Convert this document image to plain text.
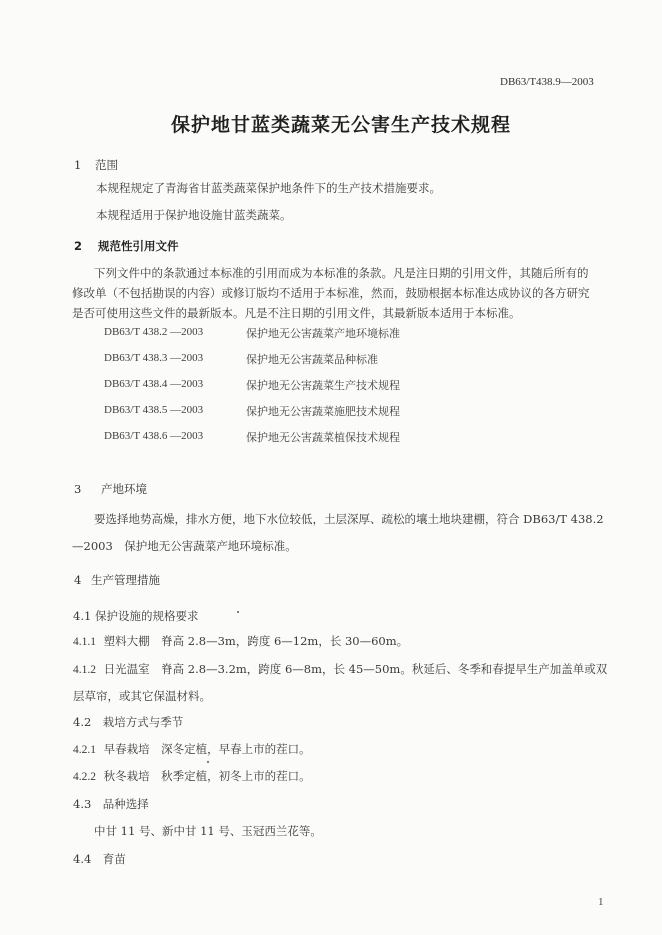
DB63/T438.9—2003
保护地甘蓝类蔬菜无公害生产技术规程
1 范围
本规程规定了青海省甘蓝类蔬菜保护地条件下的生产技术措施要求。
本规程适用于保护地设施甘蓝类蔬菜。
2 规范性引用文件
下列文件中的条款通过本标准的引用而成为本标准的条款。凡是注日期的引用文件，其随后所有的
修改单（不包括勘误的内容）或修订版均不适用于本标准，然而，鼓励根据本标准达成协议的各方研究
是否可使用这些文件的最新版本。凡是不注日期的引用文件，其最新版本适用于本标准。
DB63/T 438.2 —2003	保护地无公害蔬菜产地环境标准
DB63/T 438.3 —2003	保护地无公害蔬菜品种标准
DB63/T 438.4 —2003	保护地无公害蔬菜生产技术规程
DB63/T 438.5 —2003	保护地无公害蔬菜施肥技术规程
DB63/T 438.6 —2003	保护地无公害蔬菜植保技术规程
3 产地环境
要选择地势高燥，排水方便，地下水位较低，土层深厚、疏松的壤土地块建棚，符合 DB63/T 438.2
—2003　保护地无公害蔬菜产地环境标准。
4 生产管理措施
4.1 保护设施的规格要求
4.1.1 塑料大棚　脊高 2.8—3m，跨度 6—12m，长 30—60m。
4.1.2 日光温室　脊高 2.8—3.2m，跨度 6—8m，长 45—50m。秋延后、冬季和春提早生产加盖单或双
层草帘，或其它保温材料。
4.2　栽培方式与季节
4.2.1 早春栽培　深冬定植，早春上市的茬口。
4.2.2 秋冬栽培　秋季定植，初冬上市的茬口。
4.3　品种选择
中甘 11 号、新中甘 11 号、玉冠西兰花等。
4.4　育苗
1
